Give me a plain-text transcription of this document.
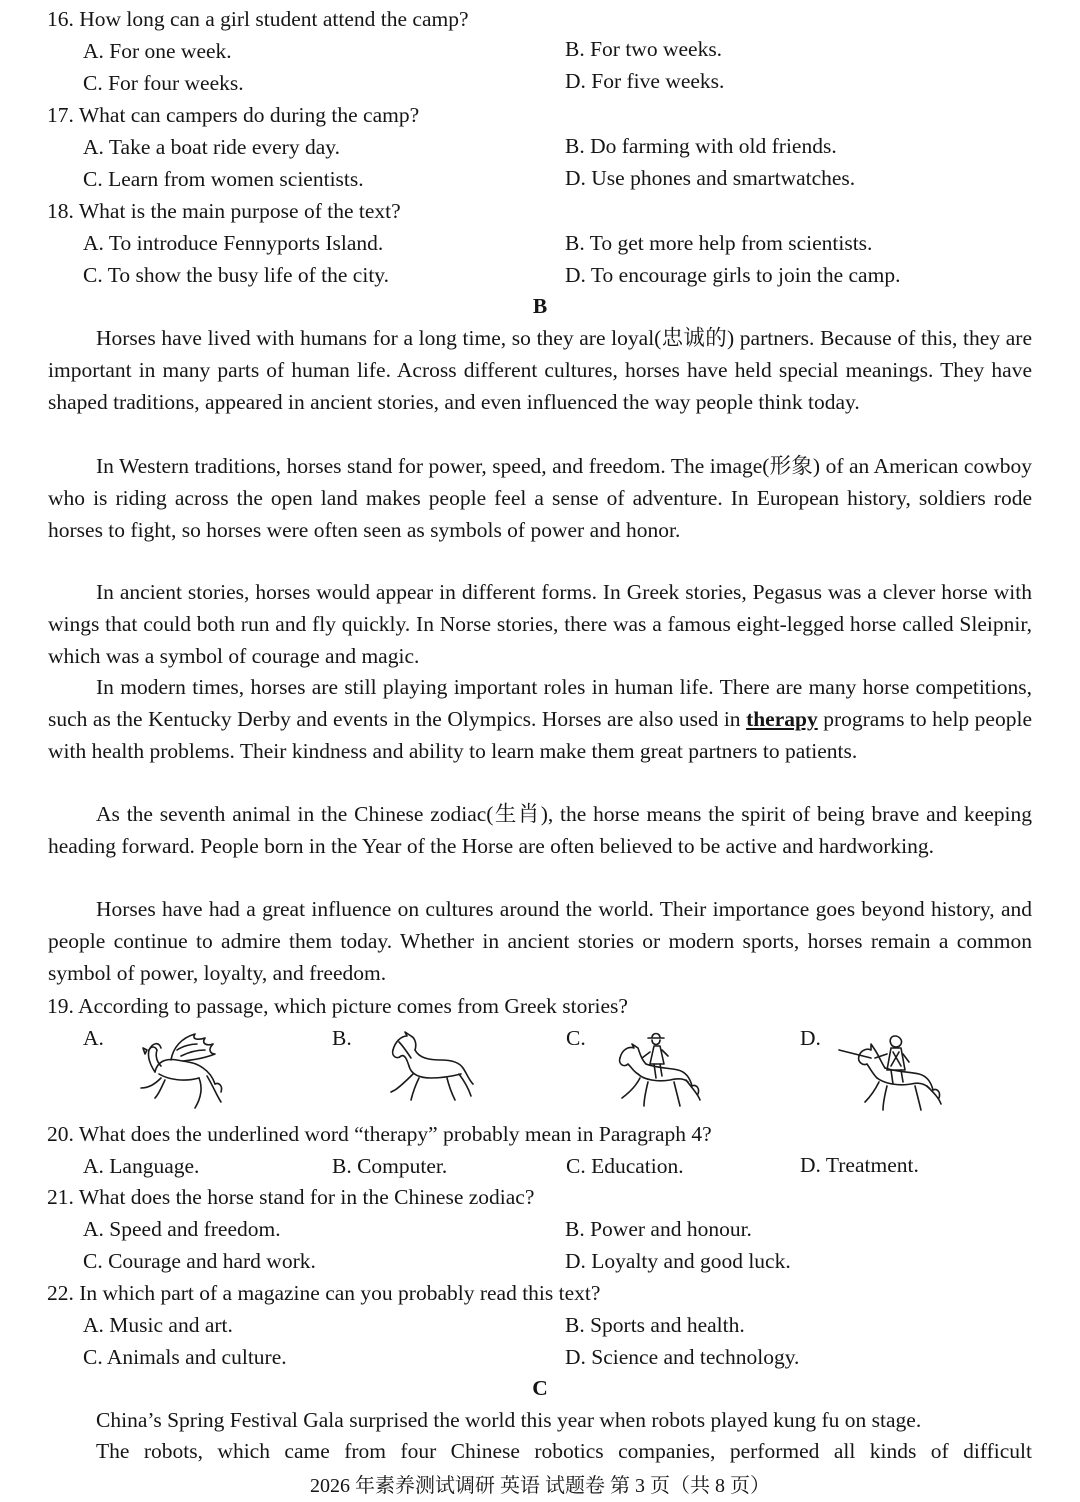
16. How long can a girl student attend the camp?
A. For one week.	B. For two weeks.
C. For four weeks.	D. For five weeks.
17. What can campers do during the camp?
A. Take a boat ride every day.	B. Do farming with old friends.
C. Learn from women scientists.	D. Use phones and smartwatches.
18. What is the main purpose of the text?
A. To introduce Fennyports Island.	B. To get more help from scientists.
C. To show the busy life of the city.	D. To encourage girls to join the camp.
B
Horses have lived with humans for a long time, so they are loyal(忠诚的) partners. Because of this, they are important in many parts of human life. Across different cultures, horses have held special meanings. They have shaped traditions, appeared in ancient stories, and even influenced the way people think today.
In Western traditions, horses stand for power, speed, and freedom. The image(形象) of an American cowboy who is riding across the open land makes people feel a sense of adventure. In European history, soldiers rode horses to fight, so horses were often seen as symbols of power and honor.
In ancient stories, horses would appear in different forms. In Greek stories, Pegasus was a clever horse with wings that could both run and fly quickly. In Norse stories, there was a famous eight-legged horse called Sleipnir, which was a symbol of courage and magic.
In modern times, horses are still playing important roles in human life. There are many horse competitions, such as the Kentucky Derby and events in the Olympics. Horses are also used in therapy programs to help people with health problems. Their kindness and ability to learn make them great partners to patients.
As the seventh animal in the Chinese zodiac(生肖), the horse means the spirit of being brave and keeping heading forward. People born in the Year of the Horse are often believed to be active and hardworking.
Horses have had a great influence on cultures around the world. Their importance goes beyond history, and people continue to admire them today. Whether in ancient stories or modern sports, horses remain a common symbol of power, loyalty, and freedom.
19. According to passage, which picture comes from Greek stories?
A.	B.	C.	D.
20. What does the underlined word “therapy” probably mean in Paragraph 4?
A. Language.	B. Computer.	C. Education.	D. Treatment.
21. What does the horse stand for in the Chinese zodiac?
A. Speed and freedom.	B. Power and honour.
C. Courage and hard work.	D. Loyalty and good luck.
22. In which part of a magazine can you probably read this text?
A. Music and art.	B. Sports and health.
C. Animals and culture.	D. Science and technology.
C
China’s Spring Festival Gala surprised the world this year when robots played kung fu on stage.
The robots, which came from four Chinese robotics companies, performed all kinds of difficult
2026 年素养测试调研 英语 试题卷 第 3 页（共 8 页）
